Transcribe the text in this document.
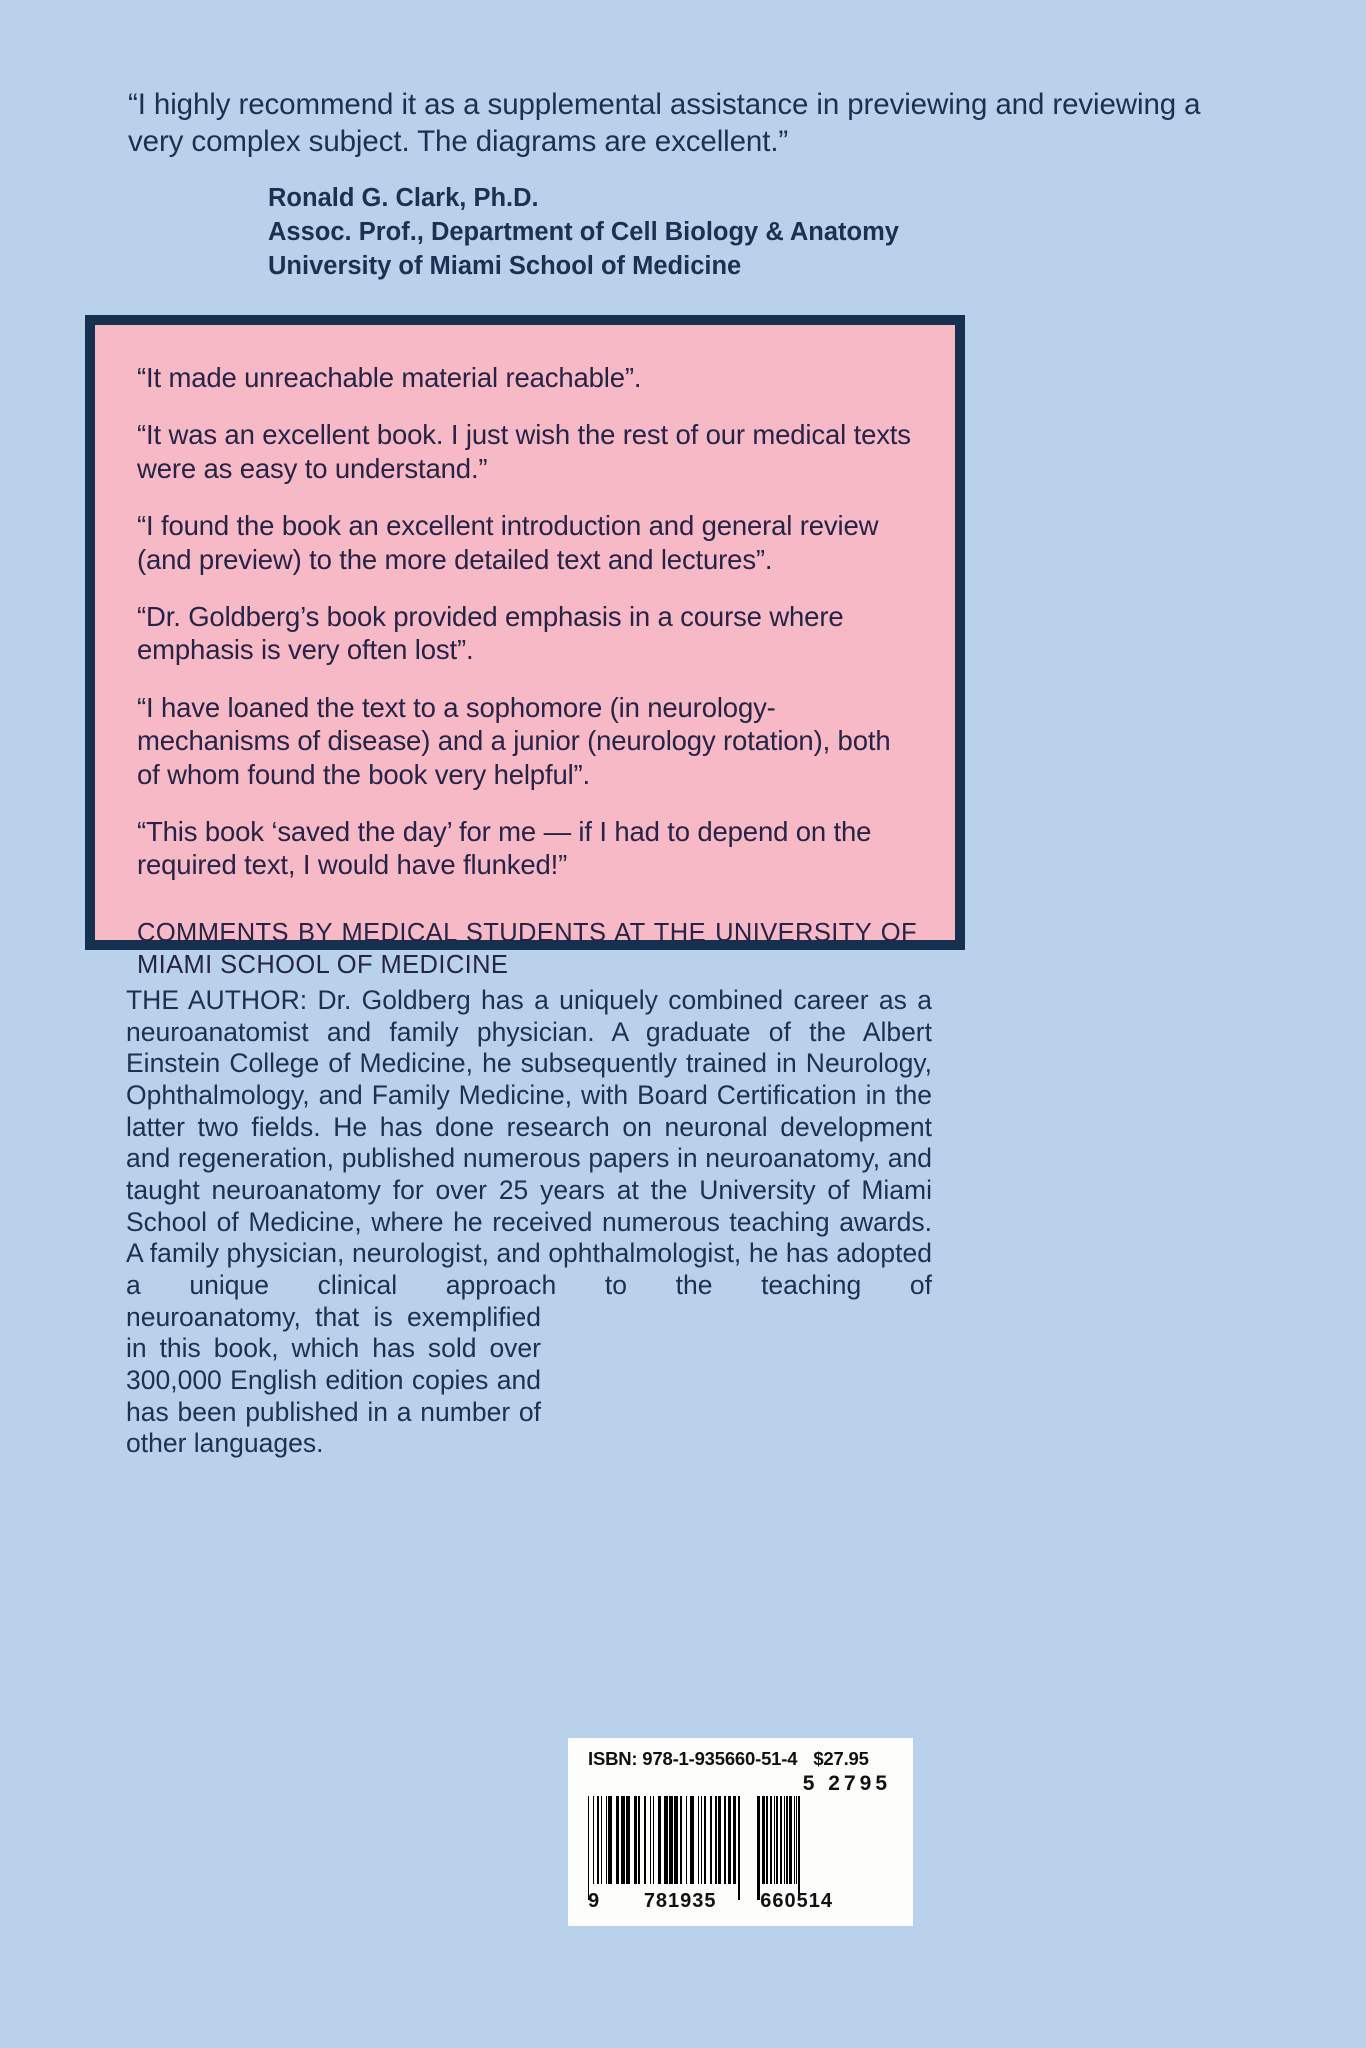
“I highly recommend it as a supplemental assistance in previewing and reviewing a very complex subject. The diagrams are excellent.”
Ronald G. Clark, Ph.D.
Assoc. Prof., Department of Cell Biology & Anatomy
University of Miami School of Medicine

“It made unreachable material reachable”.

“It was an excellent book. I just wish the rest of our medical texts were as easy to understand.”

“I found the book an excellent introduction and general review (and preview) to the more detailed text and lectures”.

“Dr. Goldberg’s book provided emphasis in a course where emphasis is very often lost”.

“I have loaned the text to a sophomore (in neurology-mechanisms of disease) and a junior (neurology rotation), both of whom found the book very helpful”.

“This book ‘saved the day’ for me — if I had to depend on the required text, I would have flunked!”

COMMENTS BY MEDICAL STUDENTS AT THE UNIVERSITY OF MIAMI SCHOOL OF MEDICINE

THE AUTHOR: Dr. Goldberg has a uniquely combined career as a neuroanatomist and family physician. A graduate of the Albert Einstein College of Medicine, he subsequently trained in Neurology, Ophthalmology, and Family Medicine, with Board Certification in the latter two fields. He has done research on neuronal development and regeneration, published numerous papers in neuroanatomy, and taught neuroanatomy for over 25 years at the University of Miami School of Medicine, where he received numerous teaching awards. A family physician, neurologist, and ophthalmologist, he has adopted a unique clinical approach to the teaching of

neuroanatomy, that is exemplified in this book, which has sold over 300,000 English edition copies and has been published in a number of other languages.

ISBN: 978-1-935660-51-4 $27.95
5 2795
9 781935 660514
